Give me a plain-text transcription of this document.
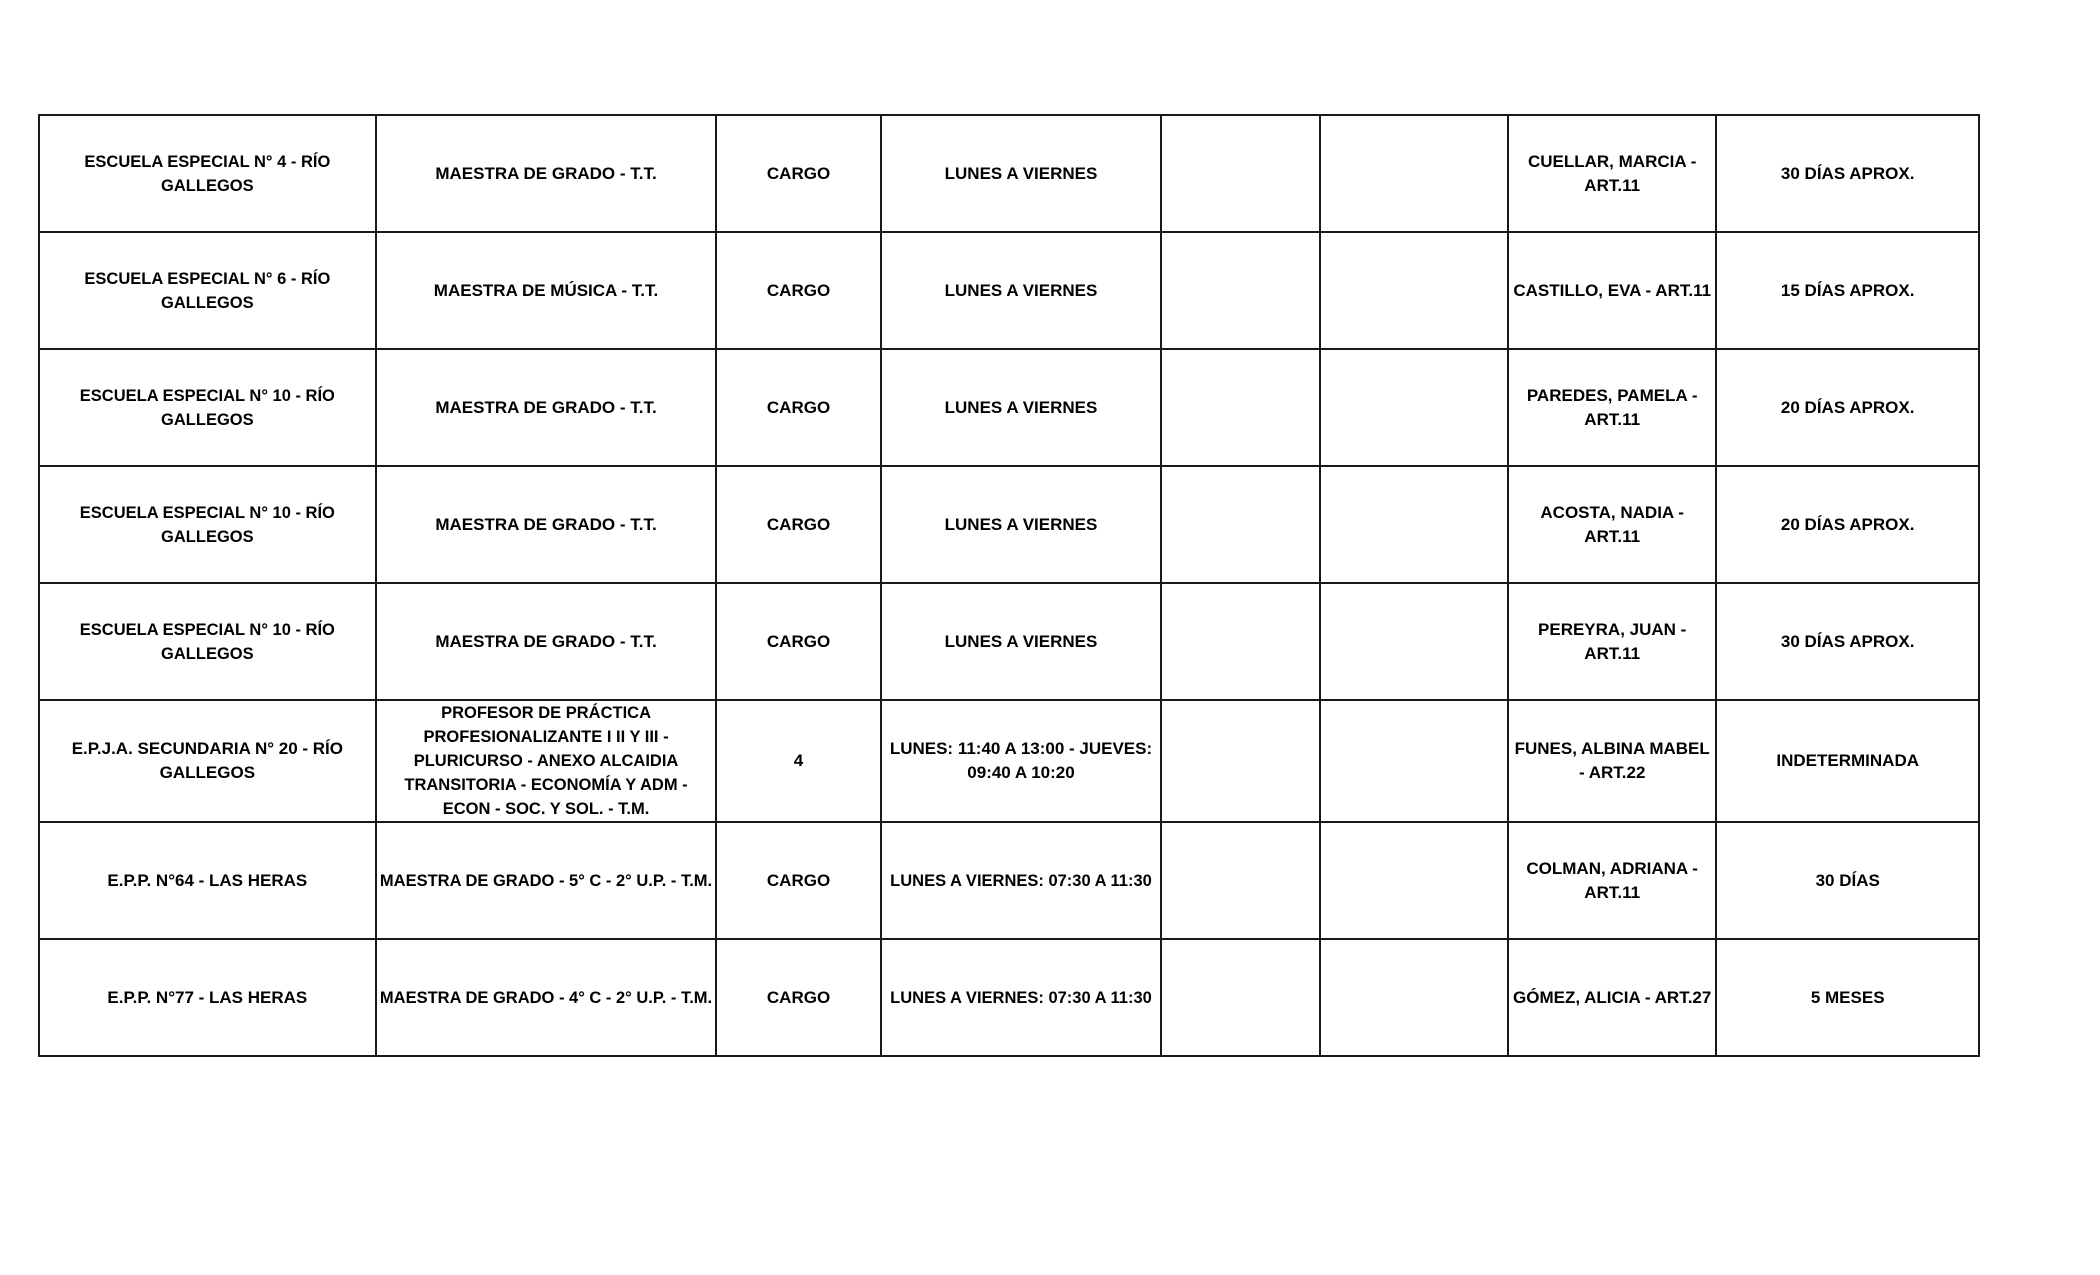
ESCUELA ESPECIAL N° 4 - RÍO GALLEGOS	MAESTRA DE GRADO - T.T.	CARGO	LUNES A VIERNES			CUELLAR, MARCIA - ART.11	30 DÍAS APROX.
ESCUELA ESPECIAL N° 6 - RÍO GALLEGOS	MAESTRA DE MÚSICA - T.T.	CARGO	LUNES A VIERNES			CASTILLO, EVA - ART.11	15 DÍAS APROX.
ESCUELA ESPECIAL N° 10 - RÍO GALLEGOS	MAESTRA DE GRADO - T.T.	CARGO	LUNES A VIERNES			PAREDES, PAMELA - ART.11	20 DÍAS APROX.
ESCUELA ESPECIAL N° 10 - RÍO GALLEGOS	MAESTRA DE GRADO - T.T.	CARGO	LUNES A VIERNES			ACOSTA, NADIA - ART.11	20 DÍAS APROX.
ESCUELA ESPECIAL N° 10 - RÍO GALLEGOS	MAESTRA DE GRADO - T.T.	CARGO	LUNES A VIERNES			PEREYRA, JUAN - ART.11	30 DÍAS APROX.
E.P.J.A. SECUNDARIA N° 20 - RÍO GALLEGOS	PROFESOR DE PRÁCTICA PROFESIONALIZANTE I II Y III - PLURICURSO - ANEXO ALCAIDIA TRANSITORIA - ECONOMÍA Y ADM - ECON - SOC. Y SOL. - T.M.	4	LUNES: 11:40 A 13:00 - JUEVES: 09:40 A 10:20			FUNES, ALBINA MABEL - ART.22	INDETERMINADA
E.P.P. N°64 - LAS HERAS	MAESTRA DE GRADO - 5° C - 2° U.P. - T.M.	CARGO	LUNES A VIERNES: 07:30 A 11:30			COLMAN, ADRIANA - ART.11	30 DÍAS
E.P.P. N°77 - LAS HERAS	MAESTRA DE GRADO - 4° C - 2° U.P. - T.M.	CARGO	LUNES A VIERNES: 07:30 A 11:30			GÓMEZ, ALICIA - ART.27	5 MESES
